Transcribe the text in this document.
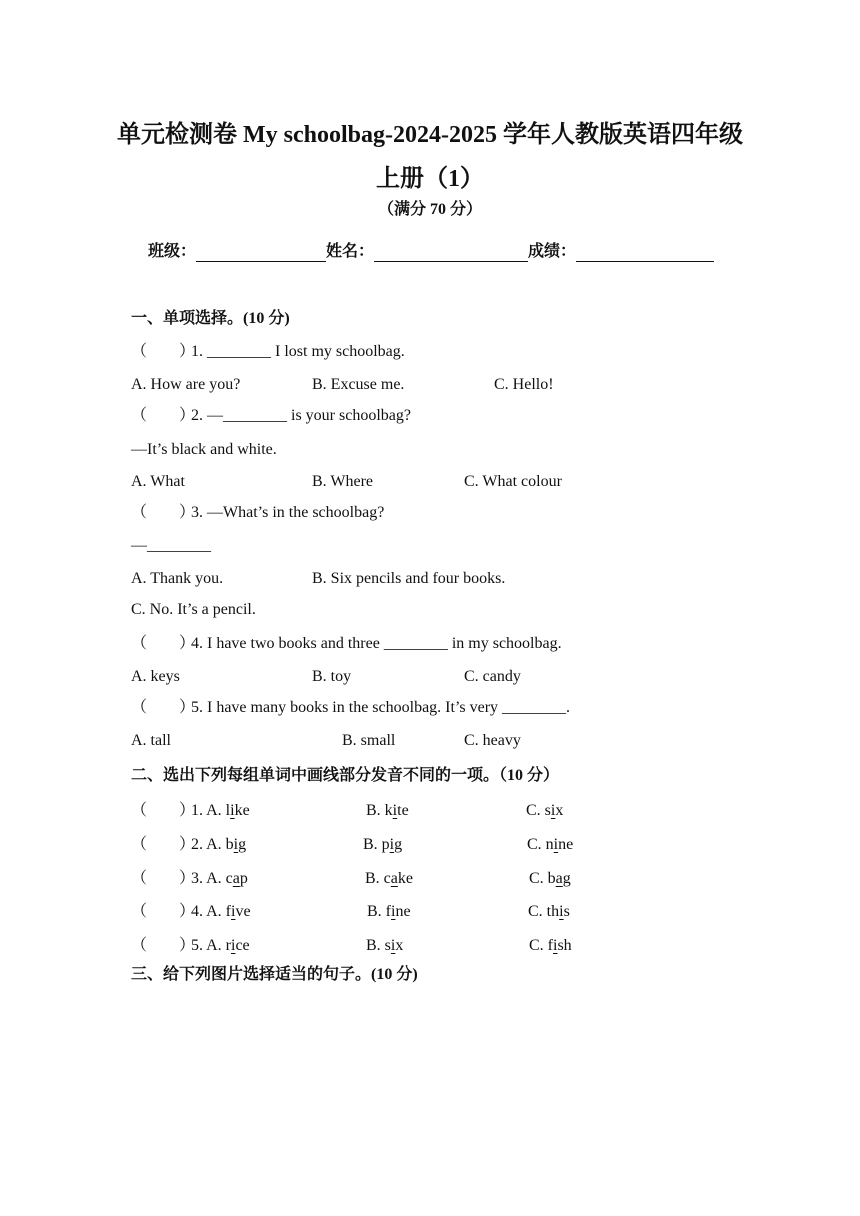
单元检测卷 My schoolbag-2024-2025 学年人教版英语四年级
上册（1）
（满分 70 分）
班级：	姓名：	成绩：
一、单项选择。(10 分)
（　　）1. ________ I lost my schoolbag.
A. How are you?	B. Excuse me.	C. Hello!
（　　）2. —________ is your schoolbag?
—It’s black and white.
A. What	B. Where	C. What colour
（　　）3. —What’s in the schoolbag?
—________
A. Thank you.	B. Six pencils and four books.
C. No. It’s a pencil.
（　　）4. I have two books and three ________ in my schoolbag.
A. keys	B. toy	C. candy
（　　）5. I have many books in the schoolbag. It’s very ________.
A. tall	B. small	C. heavy
二、选出下列每组单词中画线部分发音不同的一项。（10 分）
（　　）1. A. like	B. kite	C. six
（　　）2. A. big	B. pig	C. nine
（　　）3. A. cap	B. cake	C. bag
（　　）4. A. five	B. fine	C. this
（　　）5. A. rice	B. six	C. fish
三、给下列图片选择适当的句子。(10 分)
